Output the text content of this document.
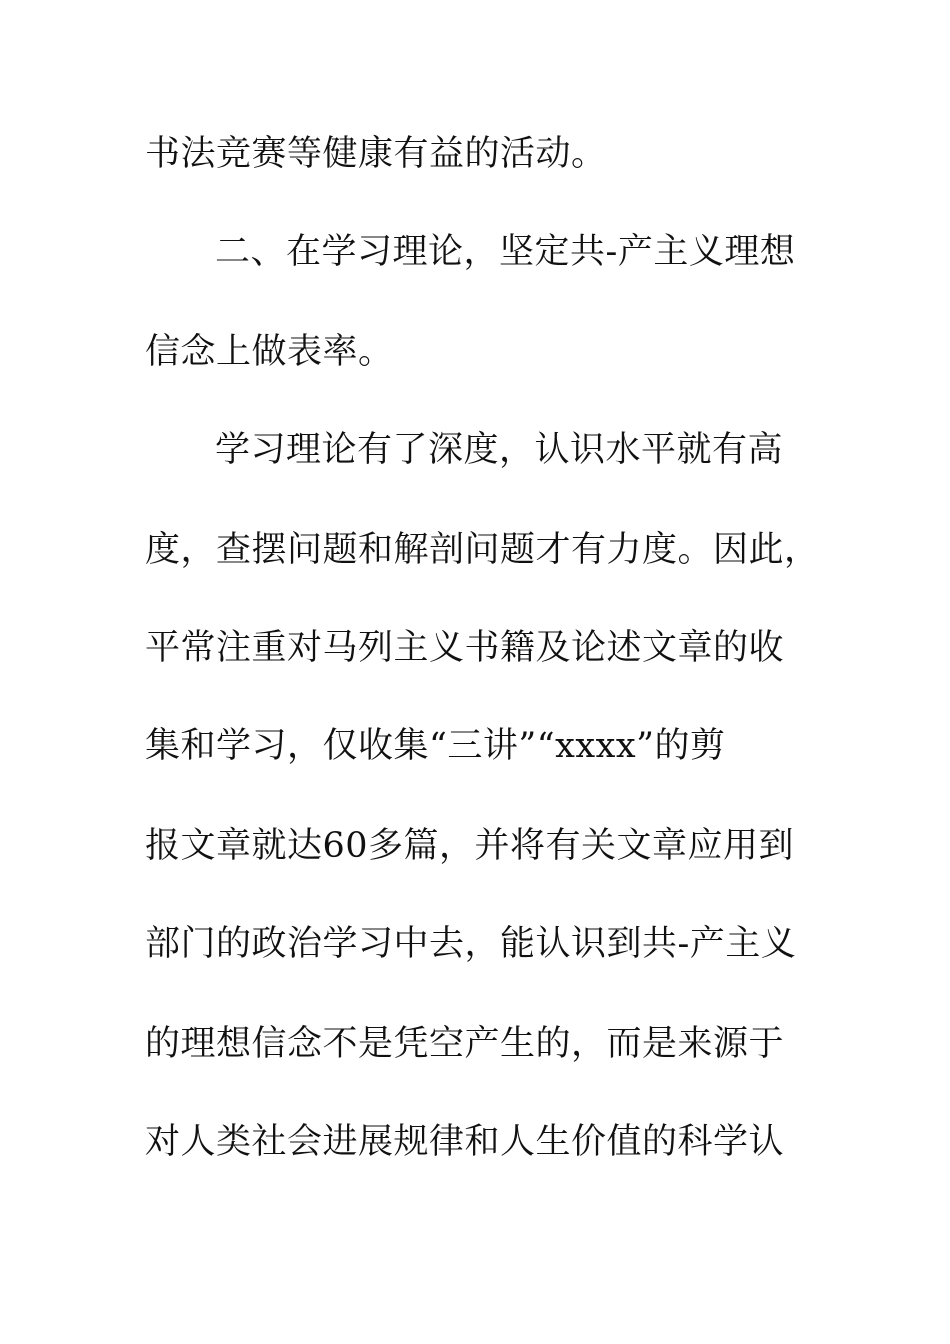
书法竞赛等健康有益的活动。
二、在学习理论，坚定共-产主义理想
信念上做表率。
学习理论有了深度，认识水平就有高
度，查摆问题和解剖问题才有力度。因此，
平常注重对马列主义书籍及论述文章的收
集和学习，仅收集“三讲”“xxxx”的剪
报文章就达60多篇，并将有关文章应用到
部门的政治学习中去，能认识到共-产主义
的理想信念不是凭空产生的，而是来源于
对人类社会进展规律和人生价值的科学认
